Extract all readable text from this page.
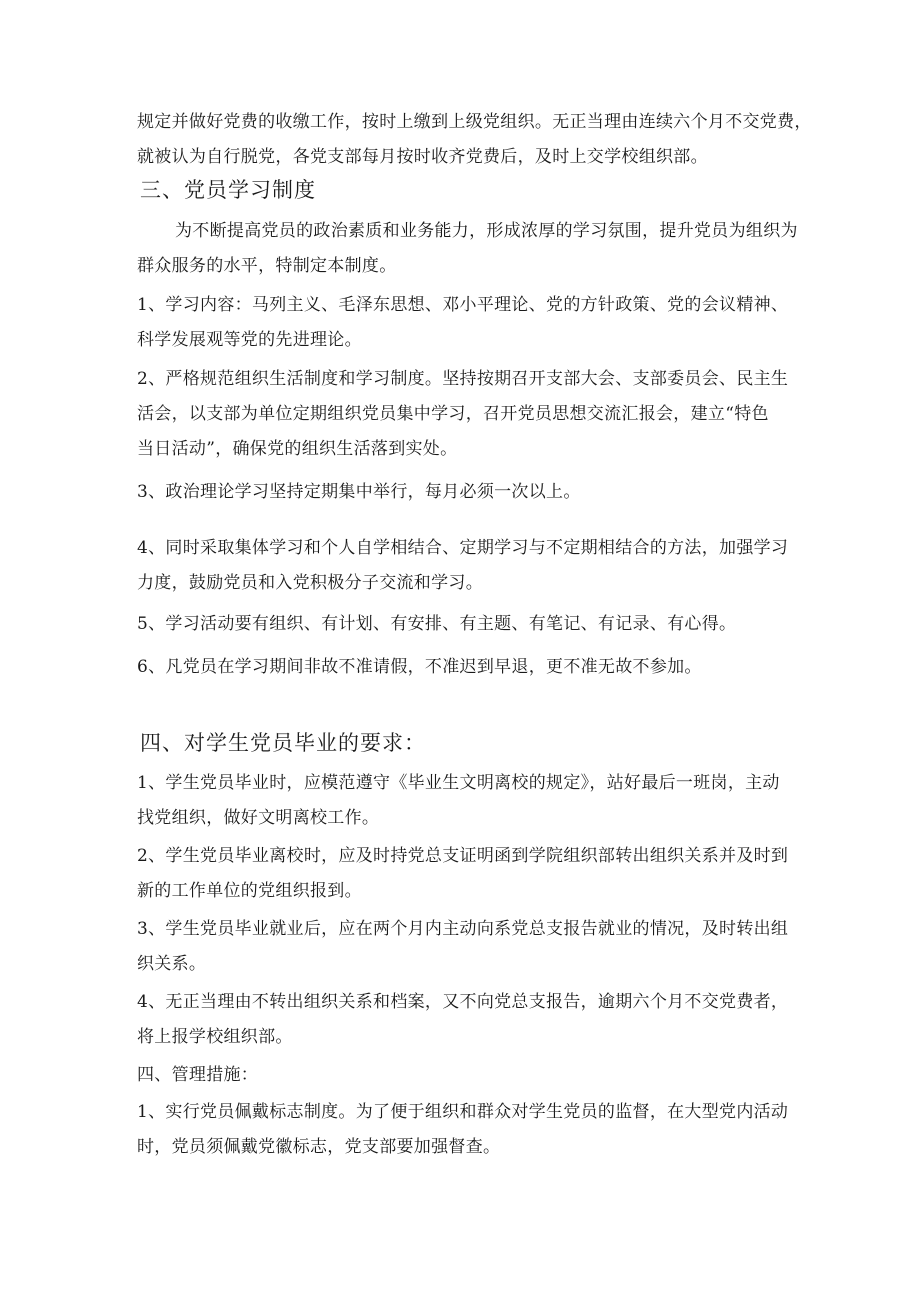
规定并做好党费的收缴工作，按时上缴到上级党组织。无正当理由连续六个月不交党费，
就被认为自行脱党，各党支部每月按时收齐党费后，及时上交学校组织部。
三、党员学习制度
为不断提高党员的政治素质和业务能力，形成浓厚的学习氛围，提升党员为组织为
群众服务的水平，特制定本制度。
1、学习内容：马列主义、毛泽东思想、邓小平理论、党的方针政策、党的会议精神、
科学发展观等党的先进理论。
2、严格规范组织生活制度和学习制度。坚持按期召开支部大会、支部委员会、民主生
活会，以支部为单位定期组织党员集中学习，召开党员思想交流汇报会，建立“特色
当日活动”，确保党的组织生活落到实处。
3、政治理论学习坚持定期集中举行，每月必须一次以上。
4、同时采取集体学习和个人自学相结合、定期学习与不定期相结合的方法，加强学习
力度，鼓励党员和入党积极分子交流和学习。
5、学习活动要有组织、有计划、有安排、有主题、有笔记、有记录、有心得。
6、凡党员在学习期间非故不准请假，不准迟到早退，更不准无故不参加。
四、对学生党员毕业的要求：
1、学生党员毕业时，应模范遵守《毕业生文明离校的规定》，站好最后一班岗，主动
找党组织，做好文明离校工作。
2、学生党员毕业离校时，应及时持党总支证明函到学院组织部转出组织关系并及时到
新的工作单位的党组织报到。
3、学生党员毕业就业后，应在两个月内主动向系党总支报告就业的情况，及时转出组
织关系。
4、无正当理由不转出组织关系和档案，又不向党总支报告，逾期六个月不交党费者，
将上报学校组织部。
四、管理措施：
1、实行党员佩戴标志制度。为了便于组织和群众对学生党员的监督，在大型党内活动
时，党员须佩戴党徽标志，党支部要加强督查。
